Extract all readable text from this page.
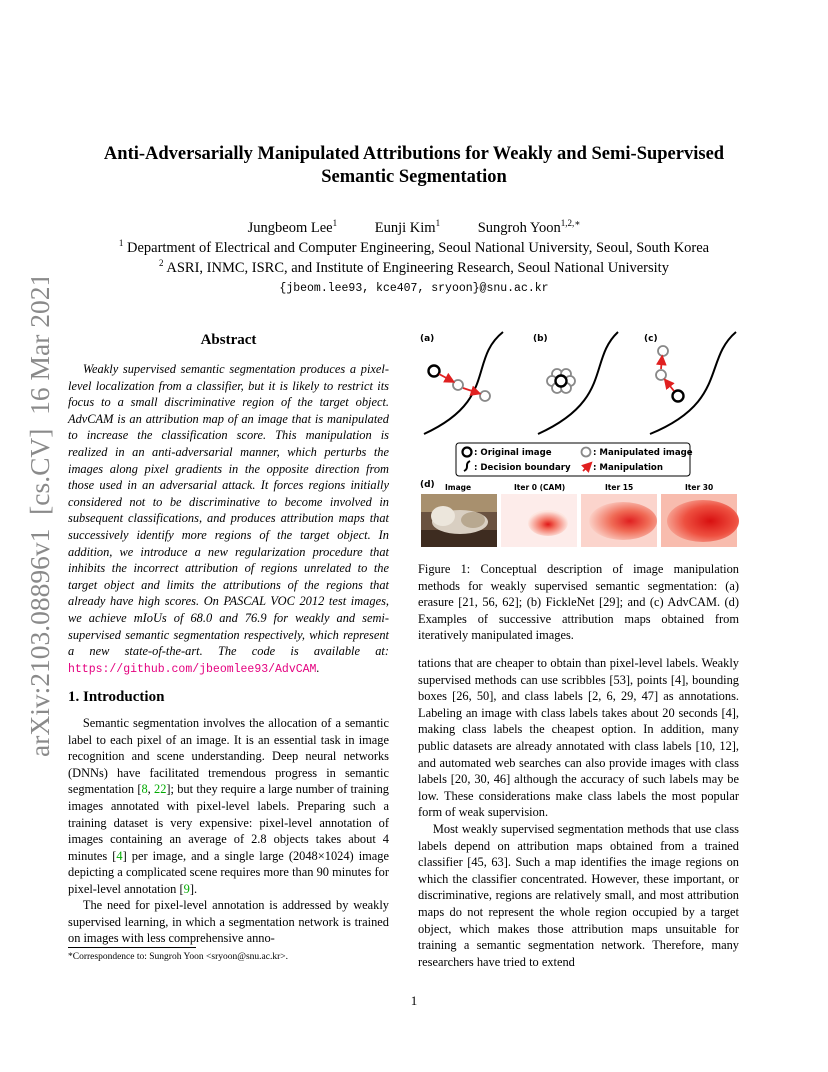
arXiv:2103.08896v1  [cs.CV]  16 Mar 2021
Anti-Adversarially Manipulated Attributions for Weakly and Semi-Supervised
Semantic Segmentation
Jungbeom Lee$^1$	Eunji Kim$^1$	Sungroh Yoon$^{1,2,∗}$
$^1$ Department of Electrical and Computer Engineering, Seoul National University, Seoul, South Korea
$^2$ ASRI, INMC, ISRC, and Institute of Engineering Research, Seoul National University
{jbeom.lee93, kce407, sryoon}@snu.ac.kr
Abstract
Weakly supervised semantic segmentation produces a pixel-level localization from a classifier, but it is likely to restrict its focus to a small discriminative region of the target object. AdvCAM is an attribution map of an image that is manipulated to increase the classification score. This manipulation is realized in an anti-adversarial manner, which perturbs the images along pixel gradients in the opposite direction from those used in an adversarial attack. It forces regions initially considered not to be discriminative to become involved in subsequent classifications, and produces attribution maps that successively identify more regions of the target object. In addition, we introduce a new regularization procedure that inhibits the incorrect attribution of regions unrelated to the target object and limits the attributions of the regions that already have high scores. On PASCAL VOC 2012 test images, we achieve mIoUs of 68.0 and 76.9 for weakly and semi-supervised semantic segmentation respectively, which represent a new state-of-the-art. The code is available at: https://github.com/jbeomlee93/AdvCAM.
1. Introduction
Semantic segmentation involves the allocation of a semantic label to each pixel of an image. It is an essential task in image recognition and scene understanding. Deep neural networks (DNNs) have facilitated tremendous progress in semantic segmentation [8, 22]; but they require a large number of training images annotated with pixel-level labels. Preparing such a training dataset is very expensive: pixel-level annotation of images containing an average of 2.8 objects takes about 4 minutes [4] per image, and a single large (2048×1024) image depicting a complicated scene requires more than 90 minutes for pixel-level annotation [9].
The need for pixel-level annotation is addressed by weakly supervised learning, in which a segmentation network is trained on images with less comprehensive anno-
*Correspondence to: Sungroh Yoon <sryoon@snu.ac.kr>.
(a)	(b)	(c)
: Original image	: Manipulated image
: Decision boundary	: Manipulation
(d) Image	Iter 0 (CAM)	Iter 15	Iter 30
Figure 1: Conceptual description of image manipulation methods for weakly supervised semantic segmentation: (a) erasure [21, 56, 62]; (b) FickleNet [29]; and (c) AdvCAM. (d) Examples of successive attribution maps obtained from iteratively manipulated images.
tations that are cheaper to obtain than pixel-level labels. Weakly supervised methods can use scribbles [53], points [4], bounding boxes [26, 50], and class labels [2, 6, 29, 47] as annotations. Labeling an image with class labels takes about 20 seconds [4], making class labels the cheapest option. In addition, many public datasets are already annotated with class labels [10, 12], and automated web searches can also provide images with class labels [20, 30, 46] although the accuracy of such labels may be low. These considerations make class labels the most popular form of weak supervision.
Most weakly supervised segmentation methods that use class labels depend on attribution maps obtained from a trained classifier [45, 63]. Such a map identifies the image regions on which the classifier concentrated. However, these important, or discriminative, regions are relatively small, and most attribution maps do not represent the whole region occupied by a target object, which makes those attribution maps unsuitable for training a semantic segmentation network. Therefore, many researchers have tried to extend
1
